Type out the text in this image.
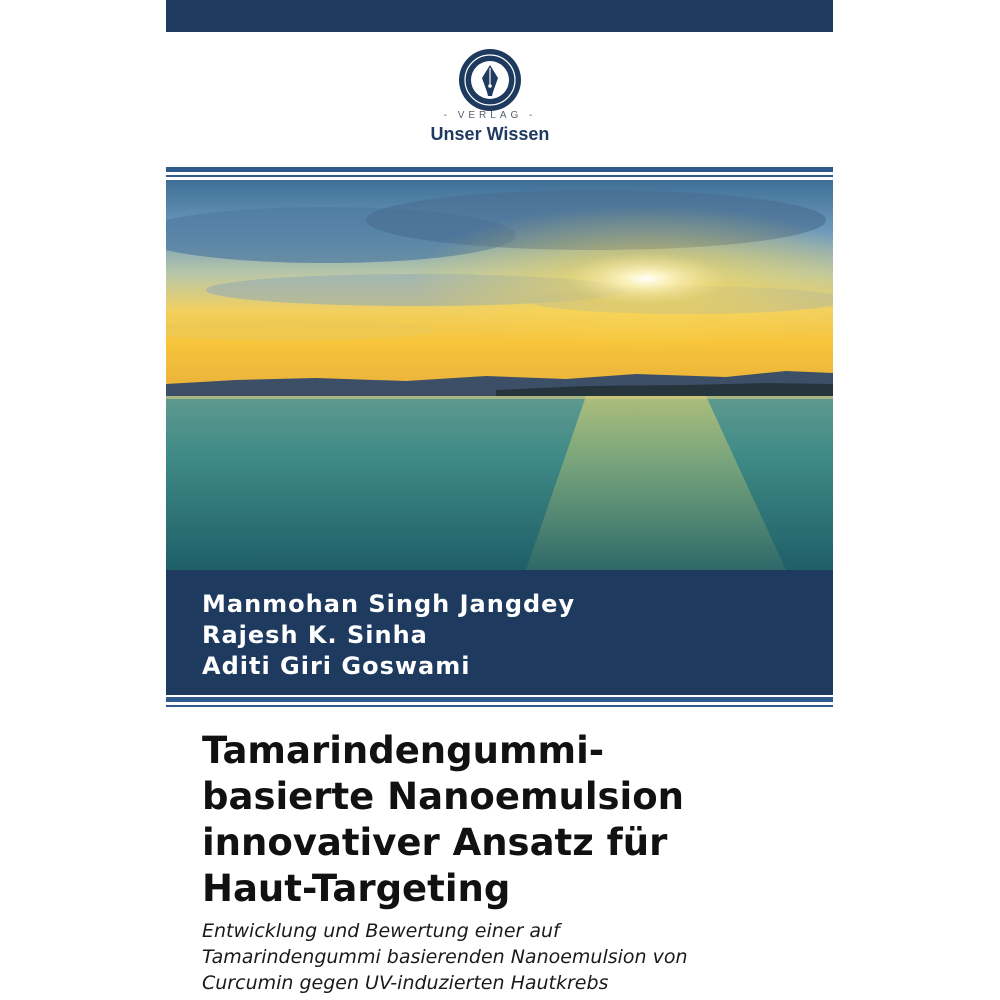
- VERLAG -
Unser Wissen
Manmohan Singh Jangdey
Rajesh K. Sinha
Aditi Giri Goswami
Tamarindengummi-
basierte Nanoemulsion
innovativer Ansatz für
Haut-Targeting
Entwicklung und Bewertung einer auf
Tamarindengummi basierenden Nanoemulsion von
Curcumin gegen UV-induzierten Hautkrebs
